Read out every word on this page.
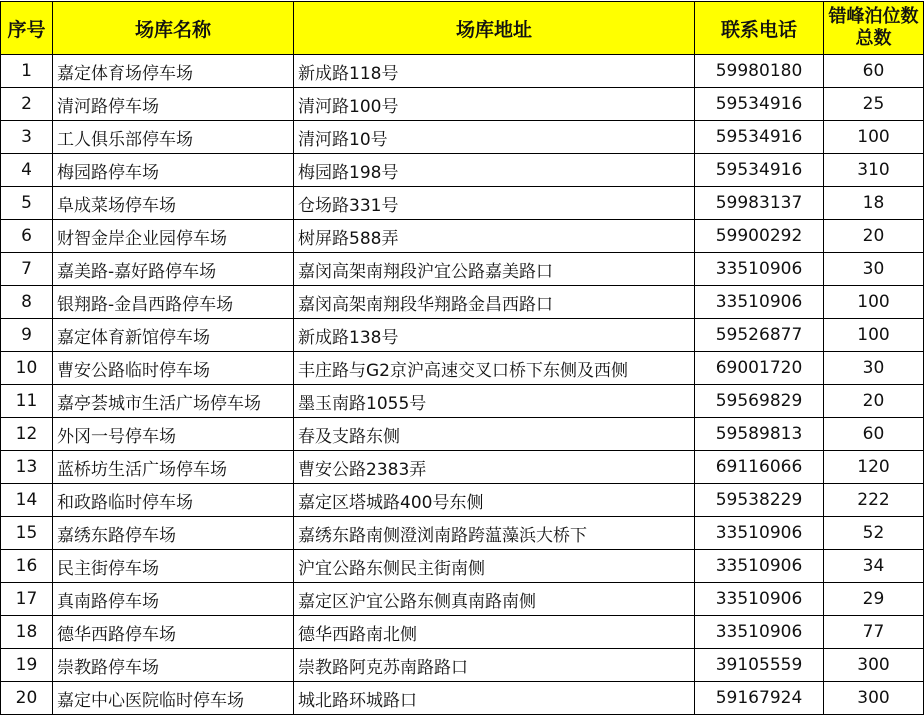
序号	场库名称	场库地址	联系电话	错峰泊位数总数
1	嘉定体育场停车场	新成路118号	59980180	60
2	清河路停车场	清河路100号	59534916	25
3	工人俱乐部停车场	清河路10号	59534916	100
4	梅园路停车场	梅园路198号	59534916	310
5	阜成菜场停车场	仓场路331号	59983137	18
6	财智金岸企业园停车场	树屏路588弄	59900292	20
7	嘉美路-嘉好路停车场	嘉闵高架南翔段沪宜公路嘉美路口	33510906	30
8	银翔路-金昌西路停车场	嘉闵高架南翔段华翔路金昌西路口	33510906	100
9	嘉定体育新馆停车场	新成路138号	59526877	100
10	曹安公路临时停车场	丰庄路与G2京沪高速交叉口桥下东侧及西侧	69001720	30
11	嘉亭荟城市生活广场停车场	墨玉南路1055号	59569829	20
12	外冈一号停车场	春及支路东侧	59589813	60
13	蓝桥坊生活广场停车场	曹安公路2383弄	69116066	120
14	和政路临时停车场	嘉定区塔城路400号东侧	59538229	222
15	嘉绣东路停车场	嘉绣东路南侧澄浏南路跨蕰藻浜大桥下	33510906	52
16	民主街停车场	沪宜公路东侧民主街南侧	33510906	34
17	真南路停车场	嘉定区沪宜公路东侧真南路南侧	33510906	29
18	德华西路停车场	德华西路南北侧	33510906	77
19	崇教路停车场	崇教路阿克苏南路路口	39105559	300
20	嘉定中心医院临时停车场	城北路环城路口	59167924	300
